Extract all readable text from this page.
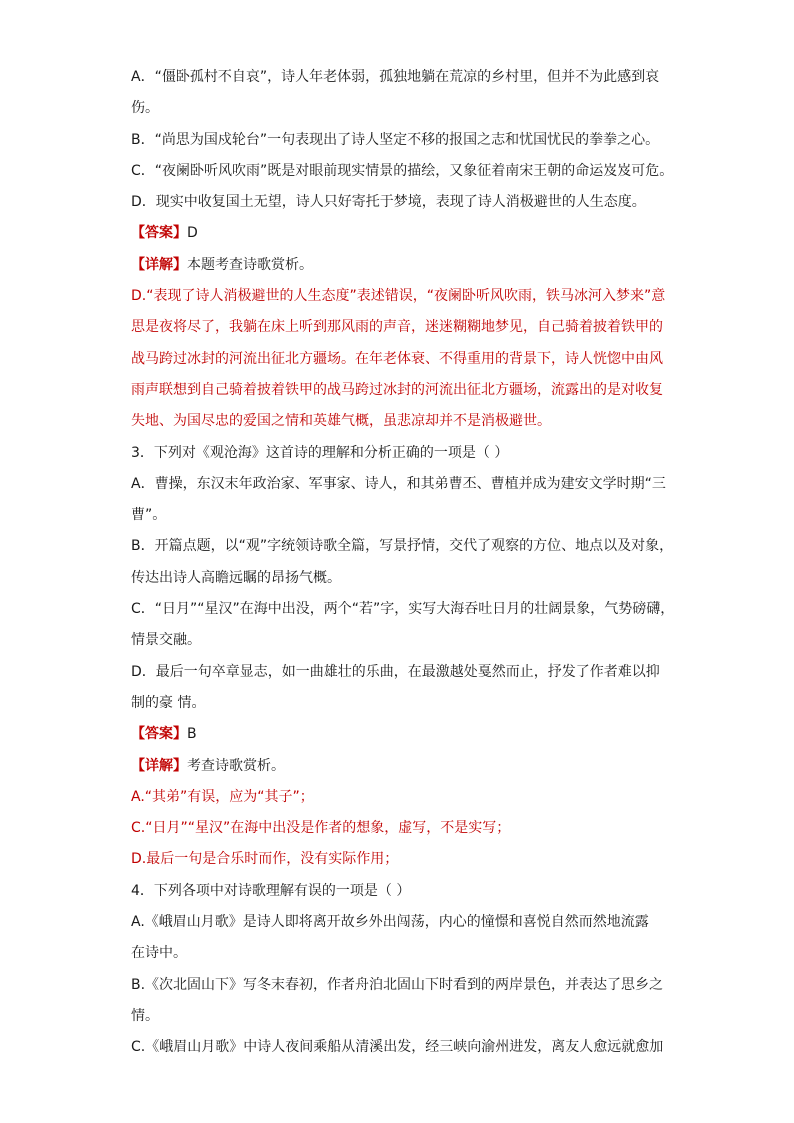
A．“僵卧孤村不自哀”，诗人年老体弱，孤独地躺在荒凉的乡村里，但并不为此感到哀
伤。
B．“尚思为国戍轮台”一句表现出了诗人坚定不移的报国之志和忧国忧民的拳拳之心。
C．“夜阑卧听风吹雨”既是对眼前现实情景的描绘，又象征着南宋王朝的命运岌岌可危。
D．现实中收复国土无望，诗人只好寄托于梦境，表现了诗人消极避世的人生态度。
【答案】D
【详解】本题考查诗歌赏析。
D.“表现了诗人消极避世的人生态度”表述错误，“夜阑卧听风吹雨，铁马冰河入梦来”意
思是夜将尽了，我躺在床上听到那风雨的声音，迷迷糊糊地梦见，自己骑着披着铁甲的
战马跨过冰封的河流出征北方疆场。在年老体衰、不得重用的背景下，诗人恍惚中由风
雨声联想到自己骑着披着铁甲的战马跨过冰封的河流出征北方疆场，流露出的是对收复
失地、为国尽忠的爱国之情和英雄气概，虽悲凉却并不是消极避世。
3．下列对《观沧海》这首诗的理解和分析正确的一项是（ ）
A．曹操，东汉末年政治家、军事家、诗人，和其弟曹丕、曹植并成为建安文学时期“三
曹”。
B．开篇点题，以“观”字统领诗歌全篇，写景抒情，交代了观察的方位、地点以及对象，
传达出诗人高瞻远瞩的昂扬气概。
C．“日月”“星汉”在海中出没，两个“若”字，实写大海吞吐日月的壮阔景象，气势磅礴，
情景交融。
D．最后一句卒章显志，如一曲雄壮的乐曲，在最激越处戛然而止，抒发了作者难以抑
制的豪 情。
【答案】B
【详解】考查诗歌赏析。
A.“其弟”有误，应为“其子”；
C.“日月”“星汉”在海中出没是作者的想象，虚写，不是实写；
D.最后一句是合乐时而作，没有实际作用；
4．下列各项中对诗歌理解有误的一项是（ ）
A.《峨眉山月歌》是诗人即将离开故乡外出闯荡，内心的憧憬和喜悦自然而然地流露
在诗中。
B.《次北固山下》写冬末春初，作者舟泊北固山下时看到的两岸景色，并表达了思乡之
情。
C.《峨眉山月歌》中诗人夜间乘船从清溪出发，经三峡向渝州进发，离友人愈远就愈加
